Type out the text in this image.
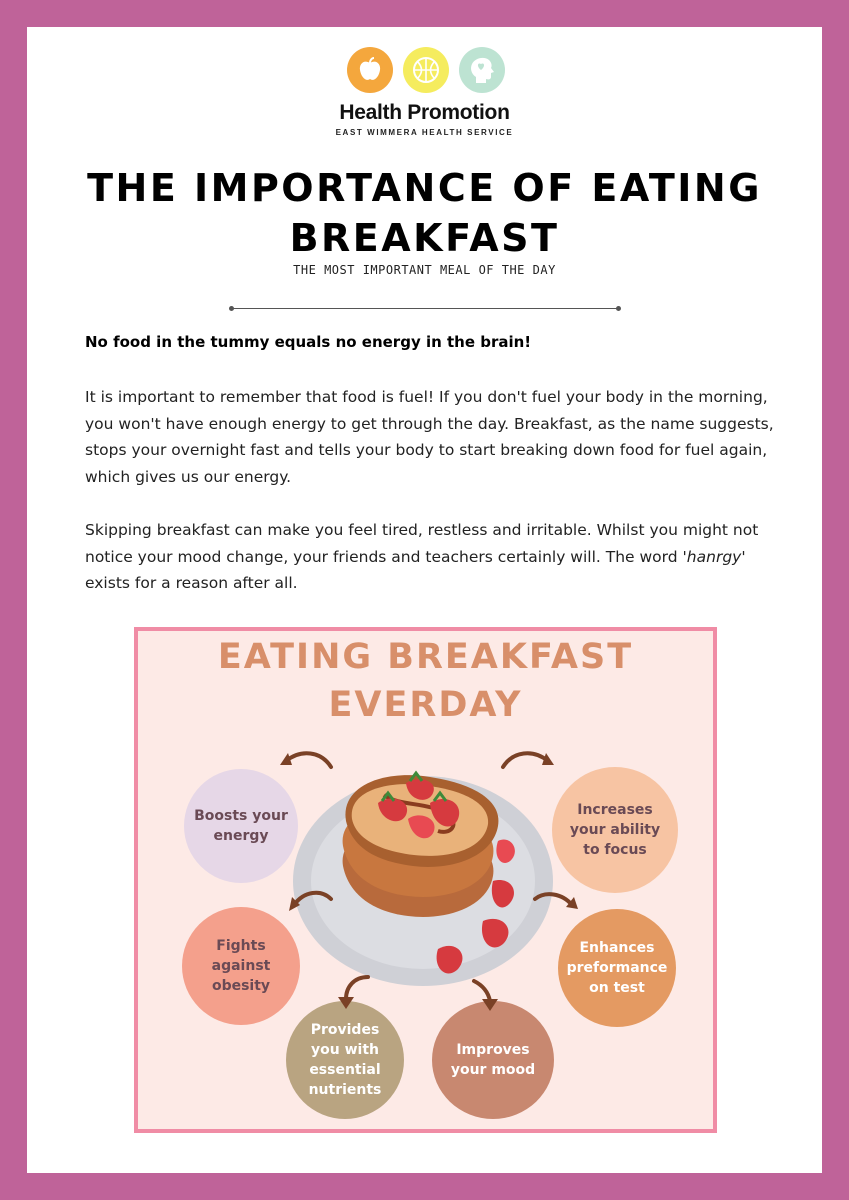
Health Promotion
EAST WIMMERA HEALTH SERVICE
THE IMPORTANCE OF EATING BREAKFAST
THE MOST IMPORTANT MEAL OF THE DAY
No food in the tummy equals no energy in the brain!

It is important to remember that food is fuel! If you don't fuel your body in the morning, you won't have enough energy to get through the day. Breakfast, as the name suggests, stops your overnight fast and tells your body to start breaking down food for fuel again, which gives us our energy.

Skipping breakfast can make you feel tired, restless and irritable. Whilst you might not notice your mood change, your friends and teachers certainly will. The word 'hanrgy' exists for a reason after all.

EATING BREAKFAST
EVERDAY
Boosts your energy
Increases your ability to focus
Fights against obesity
Enhances preformance on test
Provides you with essential nutrients
Improves your mood
